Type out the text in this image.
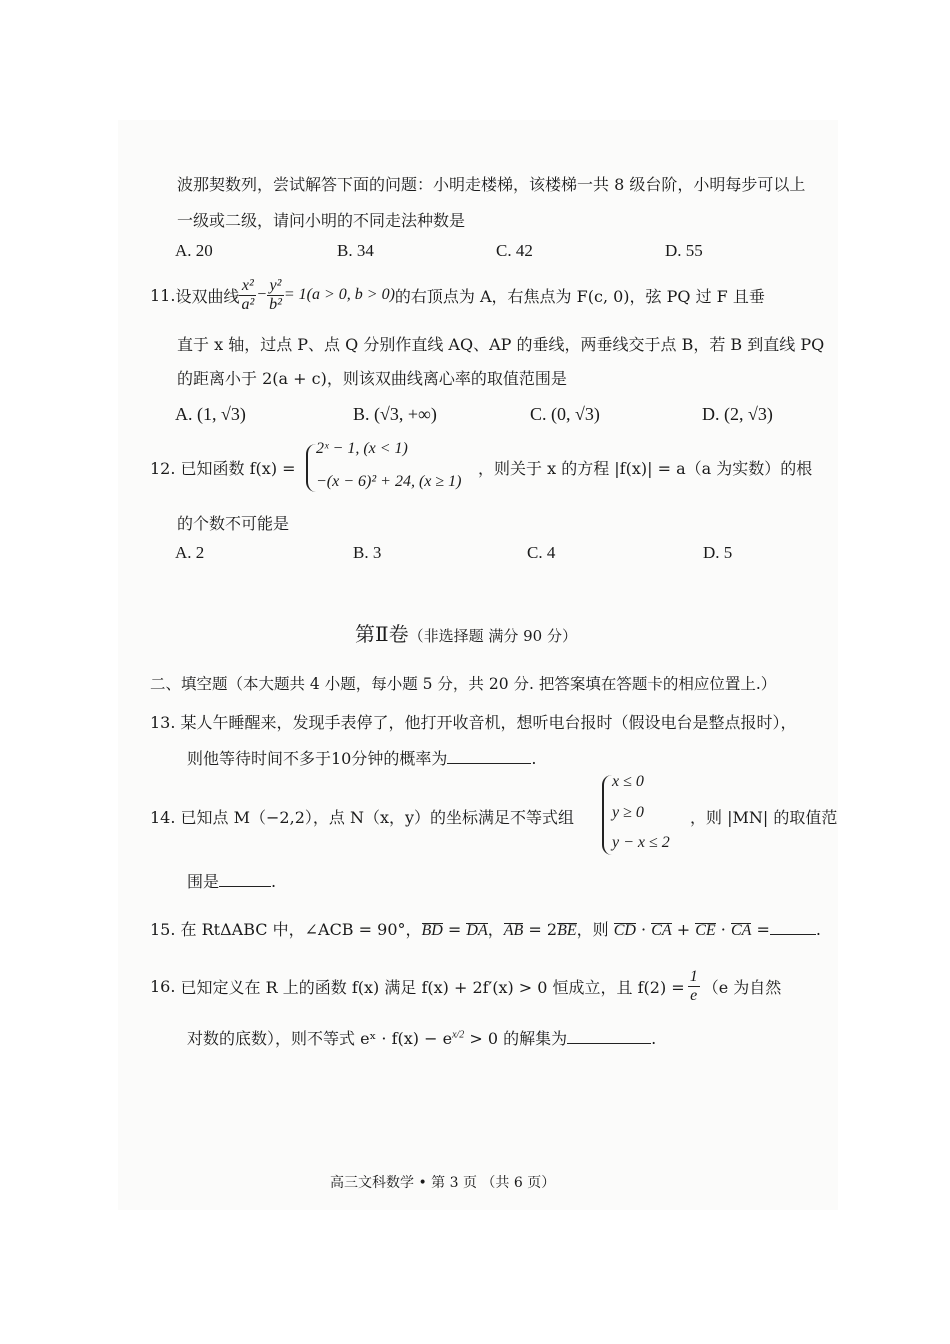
波那契数列，尝试解答下面的问题：小明走楼梯，该楼梯一共 8 级台阶，小明每步可以上
一级或二级，请问小明的不同走法种数是
A. 20	B. 34	C. 42	D. 55
11. 设双曲线 $\frac{\text{x²}}{\text{a²}} - \frac{\text{y²}}{\text{b²}} = 1(a > 0$, b > 0) 的右顶点为 A，右焦点为 F(c, 0)，弦 PQ 过 F 且垂
直于 x 轴，过点 P、点 Q 分别作直线 AQ、AP 的垂线，两垂线交于点 B，若 B 到直线 PQ
的距离小于 2(a + c)，则该双曲线离心率的取值范围是
A. (1, √3)	B. (√3, +∞)	C. (0, √3)	D. (2, √3)
12. 已知函数 f(x) =
2ˣ − 1, (x < 1)
−(x − 6)² + 24, (x ≥ 1)
，则关于 x 的方程 |f(x)| = a（a 为实数）的根
的个数不可能是
A. 2	B. 3	C. 4	D. 5
第Ⅱ卷（非选择题 满分 90 分）
二、填空题（本大题共 4 小题，每小题 5 分，共 20 分. 把答案填在答题卡的相应位置上.）
13. 某人午睡醒来，发现手表停了，他打开收音机，想听电台报时（假设电台是整点报时），
则他等待时间不多于10分钟的概率为	.
14. 已知点 M（−2,2），点 N（x，y）的坐标满足不等式组
x ≤ 0
y ≥ 0
y − x ≤ 2
，则 |MN| 的取值范
围是	.
15. 在 RtΔABC 中，∠ACB = 90°，BD = DA，AB = 2BE，则 CD · CA + CE · CA =	.
16.
已知定义在 R 上的函数 f(x) 满足 f(x) + 2f′(x) > 0 恒成立，且 $f(2) = \frac{1}{e} (e$ 为自然
对数的底数），则不等式 eˣ · $f(x) - e^{x/2} > 0$ 的解集为	.
高三文科数学 • 第 3 页 （共 6 页）
